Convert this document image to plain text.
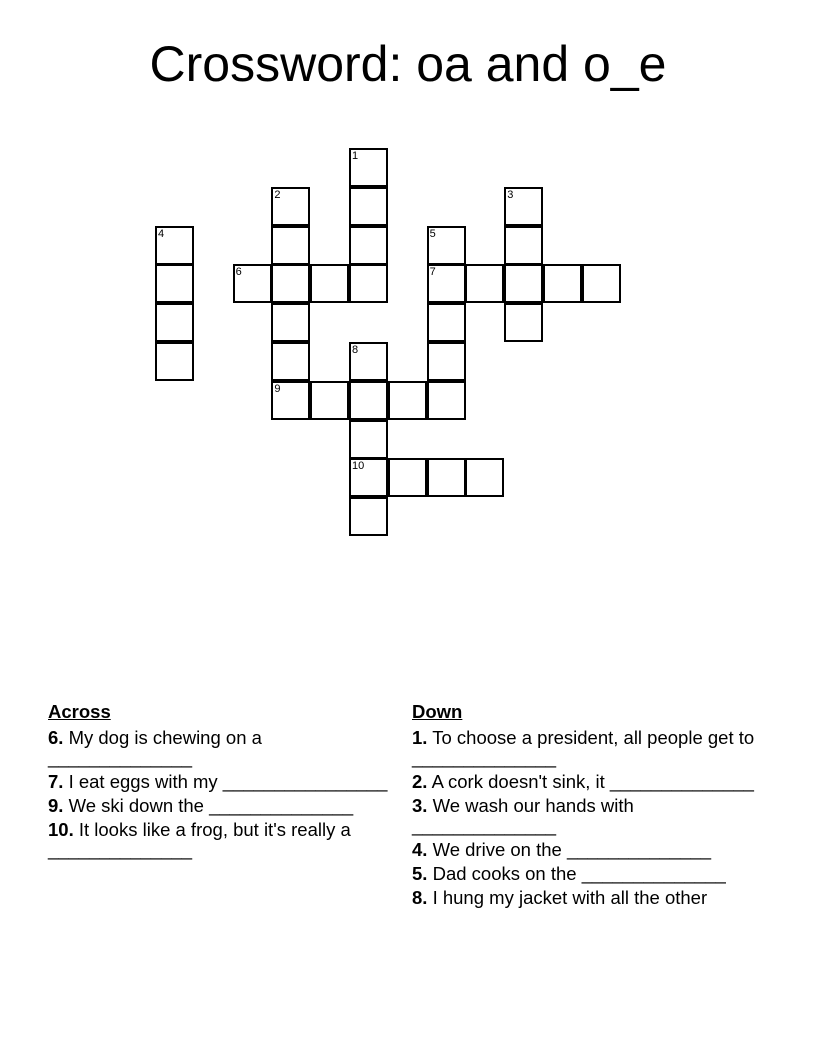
Crossword: oa and o_e
1
2	3
4	5
6	7
8
9
10
Across
6. My dog is chewing on a ______________
7. I eat eggs with my ________________
9. We ski down the ______________
10. It looks like a frog, but it's really a ______________
Down
1. To choose a president, all people get to ______________
2. A cork doesn't sink, it ______________
3. We wash our hands with ______________
4. We drive on the ______________
5. Dad cooks on the ______________
8. I hung my jacket with all the other
